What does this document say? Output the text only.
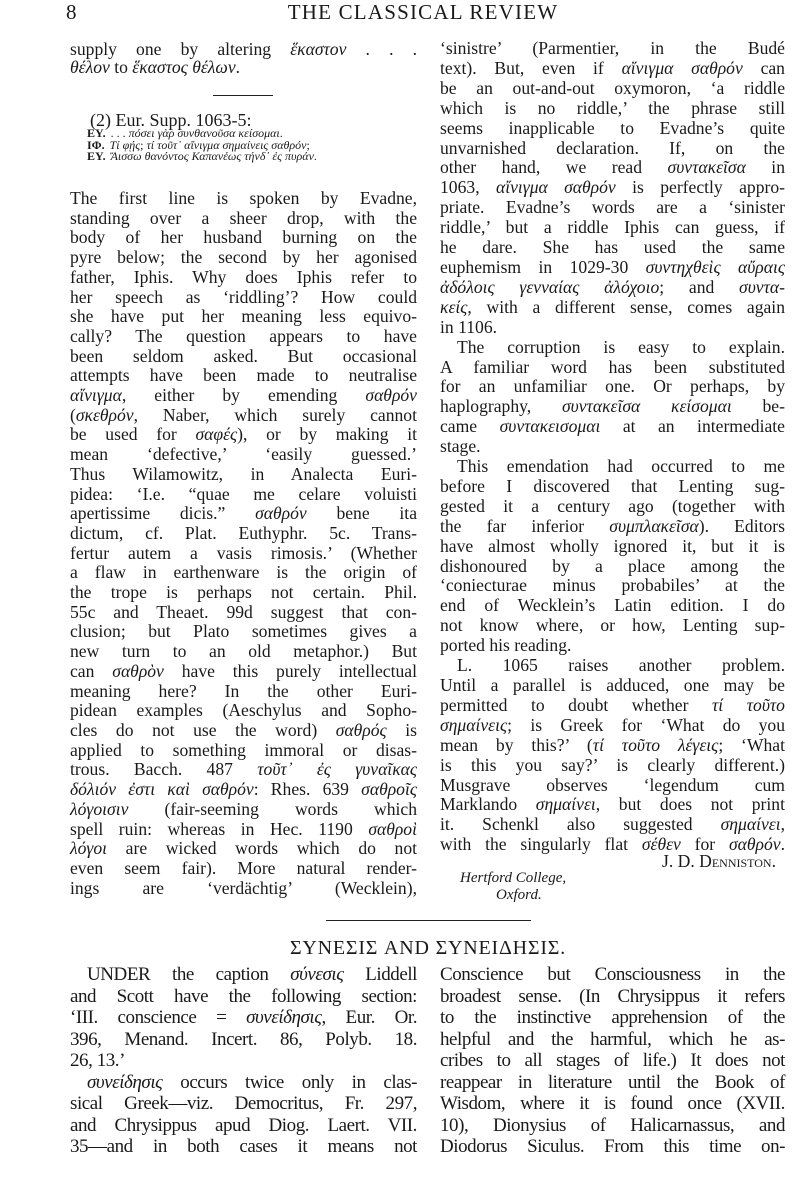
8	THE CLASSICAL REVIEW
supply one by altering ἕκαστον . . .
θέλον to ἕκαστος θέλων.
(2) Eur. Supp. 1063-5:
ΕΥ. . . . πόσει γὰρ συνθανοῦσα κείσομαι.
ΙΦ. Τί φῄς; τί τοῦτ᾽ αἴνιγμα σημαίνεις σαθρόν;
ΕΥ. Ἄισσω θανόντος Καπανέως τήνδ᾽ ἐς πυράν.
The first line is spoken by Evadne,
standing over a sheer drop, with the
body of her husband burning on the
pyre below; the second by her agonised
father, Iphis. Why does Iphis refer to
her speech as ‘riddling’? How could
she have put her meaning less equivo-
cally? The question appears to have
been seldom asked. But occasional
attempts have been made to neutralise
αἴνιγμα, either by emending σαθρόν
(σκεθρόν, Naber, which surely cannot
be used for σαφές), or by making it
mean ‘defective,’ ‘easily guessed.’
Thus Wilamowitz, in Analecta Euri-
pidea: ‘I.e. “quae me celare voluisti
apertissime dicis.” σαθρόν bene ita
dictum, cf. Plat. Euthyphr. 5c. Trans-
fertur autem a vasis rimosis.’ (Whether
a flaw in earthenware is the origin of
the trope is perhaps not certain. Phil.
55c and Theaet. 99d suggest that con-
clusion; but Plato sometimes gives a
new turn to an old metaphor.) But
can σαθρὸν have this purely intellectual
meaning here? In the other Euri-
pidean examples (Aeschylus and Sopho-
cles do not use the word) σαθρός is
applied to something immoral or disas-
trous. Bacch. 487 τοῦτ᾽ ἐς γυναῖκας
δόλιόν ἐστι καὶ σαθρόν: Rhes. 639 σαθροῖς
λόγοισιν (fair-seeming words which
spell ruin: whereas in Hec. 1190 σαθροὶ
λόγοι are wicked words which do not
even seem fair). More natural render-
ings are ‘verdächtig’ (Wecklein),
‘sinistre’ (Parmentier, in the Budé
text). But, even if αἴνιγμα σαθρόν can
be an out-and-out oxymoron, ‘a riddle
which is no riddle,’ the phrase still
seems inapplicable to Evadne’s quite
unvarnished declaration. If, on the
other hand, we read συντακεῖσα in
1063, αἴνιγμα σαθρόν is perfectly appro-
priate. Evadne’s words are a ‘sinister
riddle,’ but a riddle Iphis can guess, if
he dare. She has used the same
euphemism in 1029-30 συντηχθεὶς αὔραις
ἀδόλοις γενναίας ἀλόχοιο; and συντα-
κείς, with a different sense, comes again
in 1106.
The corruption is easy to explain.
A familiar word has been substituted
for an unfamiliar one. Or perhaps, by
haplography, συντακεῖσα κείσομαι be-
came συντακεισομαι at an intermediate
stage.
This emendation had occurred to me
before I discovered that Lenting sug-
gested it a century ago (together with
the far inferior συμπλακεῖσα). Editors
have almost wholly ignored it, but it is
dishonoured by a place among the
‘coniecturae minus probabiles’ at the
end of Wecklein’s Latin edition. I do
not know where, or how, Lenting sup-
ported his reading.
L. 1065 raises another problem.
Until a parallel is adduced, one may be
permitted to doubt whether τί τοῦτο
σημαίνεις; is Greek for ‘What do you
mean by this?’ (τί τοῦτο λέγεις; ‘What
is this you say?’ is clearly different.)
Musgrave observes ‘legendum cum
Marklando σημαίνει, but does not print
it. Schenkl also suggested σημαίνει,
with the singularly flat σέθεν for σαθρόν.
J. D. Denniston.
Hertford College,
Oxford.
ΣΥΝΕΣΙΣ AND ΣΥΝΕΙΔΗΣΙΣ.
UNDER the caption σύνεσις Liddell
and Scott have the following section:
‘III. conscience = συνείδησις, Eur. Or.
396, Menand. Incert. 86, Polyb. 18.
26, 13.’
συνείδησις occurs twice only in clas-
sical Greek—viz. Democritus, Fr. 297,
and Chrysippus apud Diog. Laert. VII.
35—and in both cases it means not
Conscience but Consciousness in the
broadest sense. (In Chrysippus it refers
to the instinctive apprehension of the
helpful and the harmful, which he as-
cribes to all stages of life.) It does not
reappear in literature until the Book of
Wisdom, where it is found once (XVII.
10), Dionysius of Halicarnassus, and
Diodorus Siculus. From this time on-
